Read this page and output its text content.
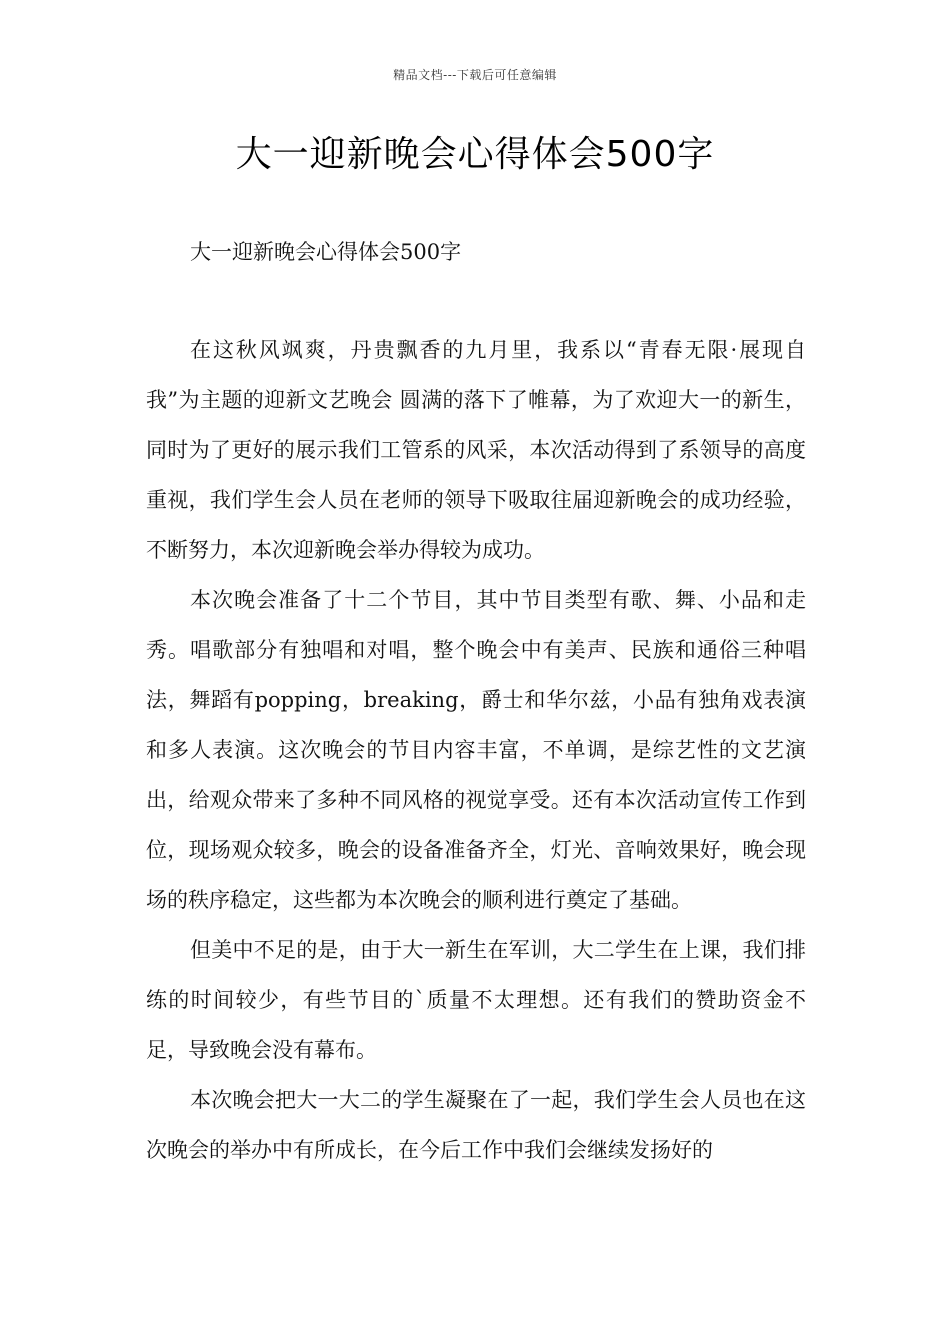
精品文档---下载后可任意编辑
大一迎新晚会心得体会500字
大一迎新晚会心得体会500字

在这秋风飒爽，丹贵飘香的九月里，我系以“青春无限·展现自我”为主题的迎新文艺晚会 圆满的落下了帷幕，为了欢迎大一的新生，同时为了更好的展示我们工管系的风采，本次活动得到了系领导的高度重视，我们学生会人员在老师的领导下吸取往届迎新晚会的成功经验，不断努力，本次迎新晚会举办得较为成功。

本次晚会准备了十二个节目，其中节目类型有歌、舞、小品和走秀。唱歌部分有独唱和对唱，整个晚会中有美声、民族和通俗三种唱法，舞蹈有popping，breaking，爵士和华尔兹，小品有独角戏表演和多人表演。这次晚会的节目内容丰富，不单调，是综艺性的文艺演出，给观众带来了多种不同风格的视觉享受。还有本次活动宣传工作到位，现场观众较多，晚会的设备准备齐全，灯光、音响效果好，晚会现场的秩序稳定，这些都为本次晚会的顺利进行奠定了基础。

但美中不足的是，由于大一新生在军训，大二学生在上课，我们排练的时间较少，有些节目的`质量不太理想。还有我们的赞助资金不足，导致晚会没有幕布。

本次晚会把大一大二的学生凝聚在了一起，我们学生会人员也在这次晚会的举办中有所成长，在今后工作中我们会继续发扬好的
